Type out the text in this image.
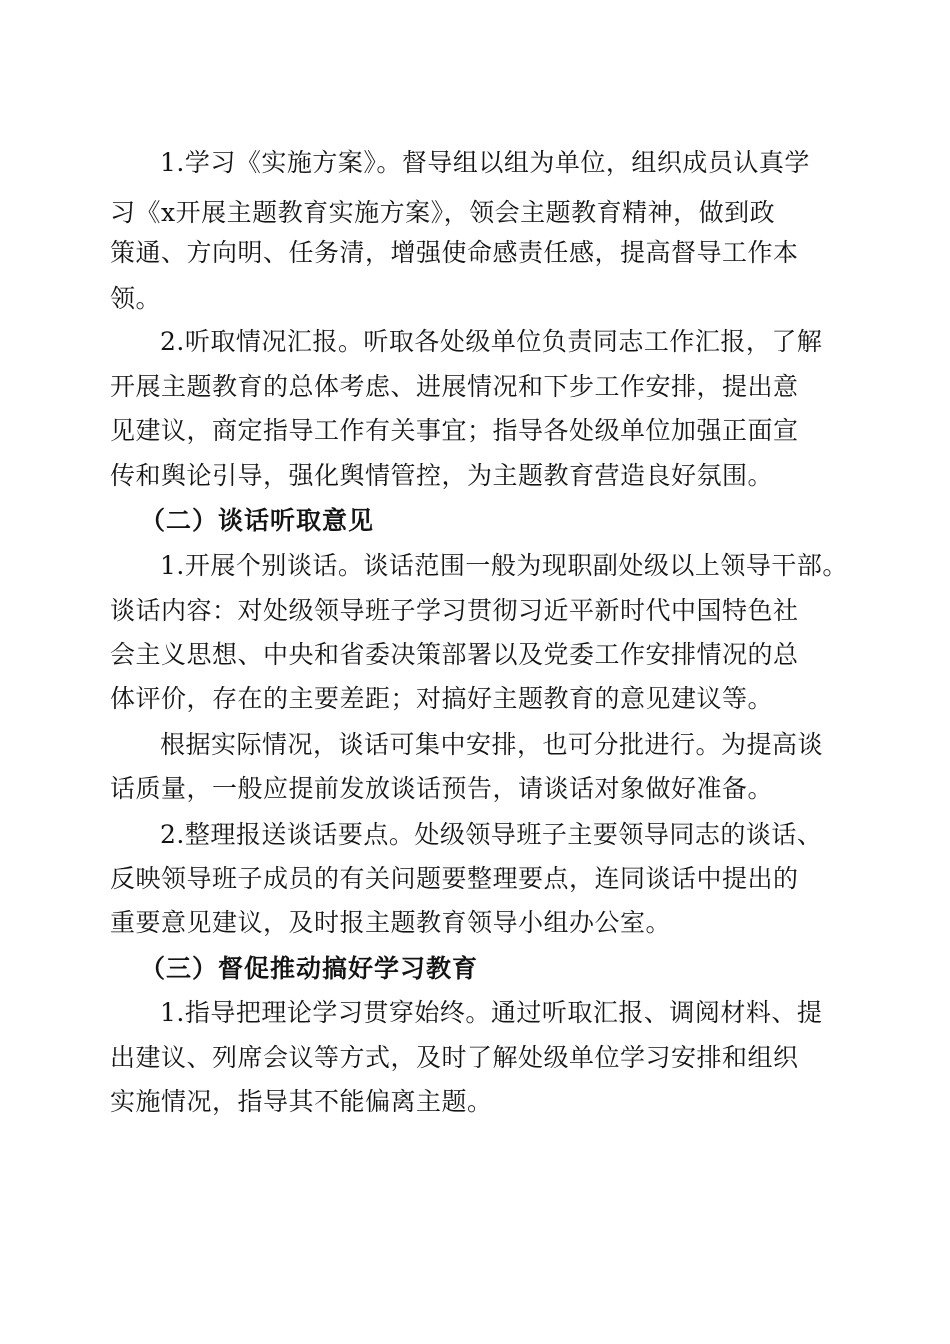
1.学习《实施方案》。督导组以组为单位，组织成员认真学
习《x开展主题教育实施方案》，领会主题教育精神，做到政
策通、方向明、任务清，增强使命感责任感，提高督导工作本
领。
2.听取情况汇报。听取各处级单位负责同志工作汇报，了解
开展主题教育的总体考虑、进展情况和下步工作安排，提出意
见建议，商定指导工作有关事宜；指导各处级单位加强正面宣
传和舆论引导，强化舆情管控，为主题教育营造良好氛围。
（二）谈话听取意见
1.开展个别谈话。谈话范围一般为现职副处级以上领导干部。
谈话内容：对处级领导班子学习贯彻习近平新时代中国特色社
会主义思想、中央和省委决策部署以及党委工作安排情况的总
体评价，存在的主要差距；对搞好主题教育的意见建议等。
根据实际情况，谈话可集中安排，也可分批进行。为提高谈
话质量，一般应提前发放谈话预告，请谈话对象做好准备。
2.整理报送谈话要点。处级领导班子主要领导同志的谈话、
反映领导班子成员的有关问题要整理要点，连同谈话中提出的
重要意见建议，及时报主题教育领导小组办公室。
（三）督促推动搞好学习教育
1.指导把理论学习贯穿始终。通过听取汇报、调阅材料、提
出建议、列席会议等方式，及时了解处级单位学习安排和组织
实施情况，指导其不能偏离主题。
